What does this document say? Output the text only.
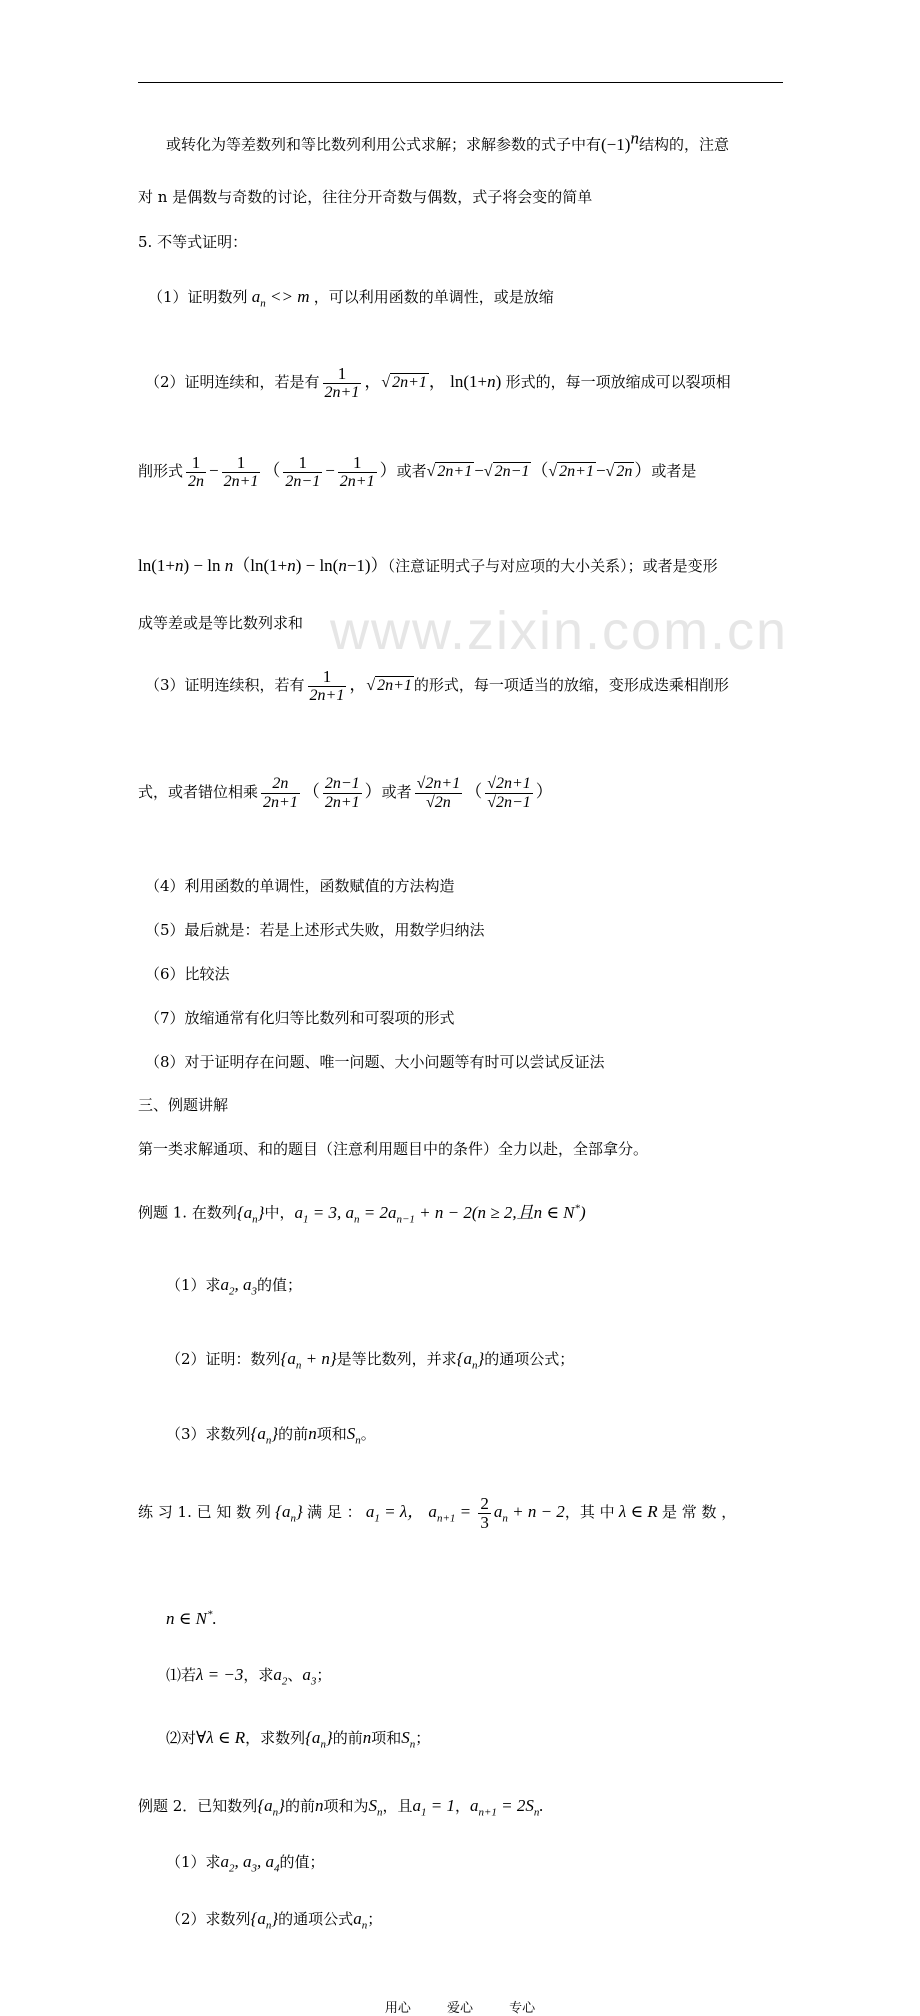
www.zixin.com.cn
或转化为等差数列和等比数列利用公式求解；求解参数的式子中有$(-1)^n$结构的，注意
对 n 是偶数与奇数的讨论，往往分开奇数与偶数，式子将会变的简单
5. 不等式证明：
（1）证明数列 $a_n <> m$ ，可以利用函数的单调性，或是放缩
（2）证明连续和，若是有 $\frac{1}{2n+1}$ ，√ 2n+1 ， ln(1+n) 形式的，每一项放缩成可以裂项相
削形式 $\frac{1}{2n} - \frac{1}{2n+1}$ （ $\frac{1}{2n-1} - \frac{1}{2n+1}$ ）或者√ 2n+1 −√ 2n−1 （√ 2n+1 −√ 2n ）或者是
ln(1+n) − ln n（ln(1+n) − ln(n−1)）（注意证明式子与对应项的大小关系）；或者是变形
成等差或是等比数列求和
（3）证明连续积，若有 $\frac{1}{2n+1}$ ，√ 2n+1 的形式，每一项适当的放缩，变形成迭乘相削形
式，或者错位相乘 $\frac{2n}{2n+1}$ （ $\frac{2n-1}{2n+1}$ ）或者 $\frac{√2n+1}{√2n}$ （ $\frac{√2n+1}{√2n-1}$ ）
（4）利用函数的单调性，函数赋值的方法构造
（5）最后就是：若是上述形式失败，用数学归纳法
（6）比较法
（7）放缩通常有化归等比数列和可裂项的形式
（8）对于证明存在问题、唯一问题、大小问题等有时可以尝试反证法
三、例题讲解
第一类求解通项、和的题目（注意利用题目中的条件）全力以赴，全部拿分。
例题 1. 在数列$\{a_n\}$中，$a_1 = 3$, $a_n = 2a_{n-1} + n - 2(n \ge 2$,且n ∈ N*)
（1）求$a_2$, $a_3$的值；
（2）证明：数列$\{a_n + n\}$是等比数列，并求$\{a_n\}$的通项公式；
（3）求数列$\{a_n\}$的前n项和$S_n$。
练 习 1. 已 知 数 列 $\{a_n\}$ 满 足 ： $a_1 = \lambda$， $a_{n+1} = \frac{2}{3} a_n + n - 2$，其 中 λ ∈ R 是 常 数 ，
n ∈ N*.
⑴若λ = −3，求$a_2$、$a_3$；
⑵对∀λ ∈ R，求数列$\{a_n\}$的前n项和$S_n$；
例题 2．已知数列$\{a_n\}$的前n项和为$S_n$，且$a_1 = 1$，$a_{n+1} = 2S_n$.
（1）求$a_2$, $a_3$, $a_4$的值；
（2）求数列$\{a_n\}$的通项公式$a_n$；
用心	爱心	专心
